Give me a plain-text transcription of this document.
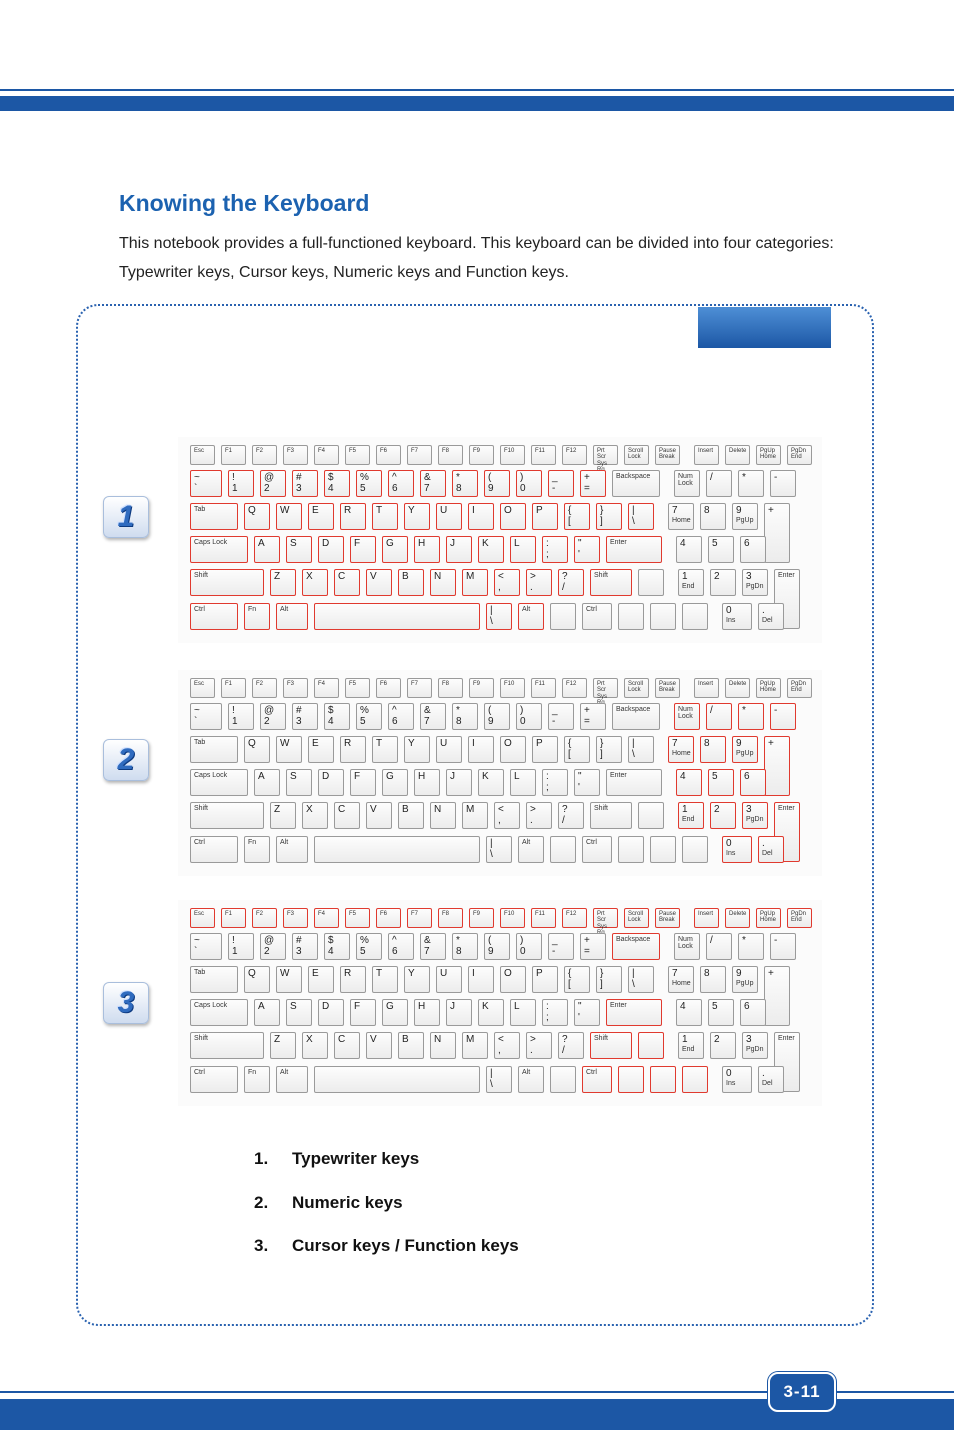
Knowing the Keyboard

This notebook provides a full-functioned keyboard. This keyboard can be divided into four categories: Typewriter keys, Cursor keys, Numeric keys and Function keys.

1
2
3
Esc	F1	F2	F3	F4	F5	F6	F7	F8	F9	F10	F11	F12	Prt Scr
Sys
Scroll
Lock
Pause
Break
Insert	Delete PgUp
Home
PgDn
End
~
`
!
1
@
2
#
3
$
4
%
5
^
6
&
7
*
8
(
9
)
0
_
-
+
=
Backspace	Num
Lock
/	*	-
Tab	Q	W	E	R	T	Y	U	I	O	P	{
[
}
]
|
\
7
Home
8	9
PgUp
+
Caps Lock	A	S	D	F	G	H	J	K	L	:
;
"
'
Enter	4	5	6
Shift	Z	X	C	V	B	N	M	<
,
>
.
?
/
Shift	1
End
2	3
PgDn
Enter
Ctrl	Fn	Alt	|
\
Alt	Ctrl	0
Ins
.
Del
Esc	F1	F2	F3	F4	F5	F6	F7	F8	F9	F10	F11	F12	Prt Scr
Sys
Scroll
Lock
Pause
Break
Insert	Delete PgUp
Home
PgDn
End
~
`
!
1
@
2
#
3
$
4
%
5
^
6
&
7
*
8
(
9
)
0
_
-
+
=
Backspace	Num
Lock
/	*	-
Tab	Q	W	E	R	T	Y	U	I	O	P	{
[
}
]
|
\
7
Home
8	9
PgUp
+
Caps Lock	A	S	D	F	G	H	J	K	L	:
;
"
'
Enter	4	5	6
Shift	Z	X	C	V	B	N	M	<
,
>
.
?
/
Shift	1
End
2	3
PgDn
Enter
Ctrl	Fn	Alt	|
\
Alt	Ctrl	0
Ins
.
Del
Esc	F1	F2	F3	F4	F5	F6	F7	F8	F9	F10	F11	F12	Prt Scr
Sys
Scroll
Lock
Pause
Break
Insert	Delete PgUp
Home
PgDn
End
~
`
!
1
@
2
#
3
$
4
%
5
^
6
&
7
*
8
(
9
)
0
_
-
+
=
Backspace	Num
Lock
/	*	-
Tab	Q	W	E	R	T	Y	U	I	O	P	{
[
}
]
|
\
7
Home
8	9
PgUp
+
Caps Lock	A	S	D	F	G	H	J	K	L	:
;
"
'
Enter	4	5	6
Shift	Z	X	C	V	B	N	M	<
,
>
.
?
/
Shift	1
End
2	3
PgDn
Enter
Ctrl	Fn	Alt	|
\
Alt	Ctrl	0
Ins
.
Del
1.	Typewriter keys
2.	Numeric keys
3.	Cursor keys / Function keys
3-11
